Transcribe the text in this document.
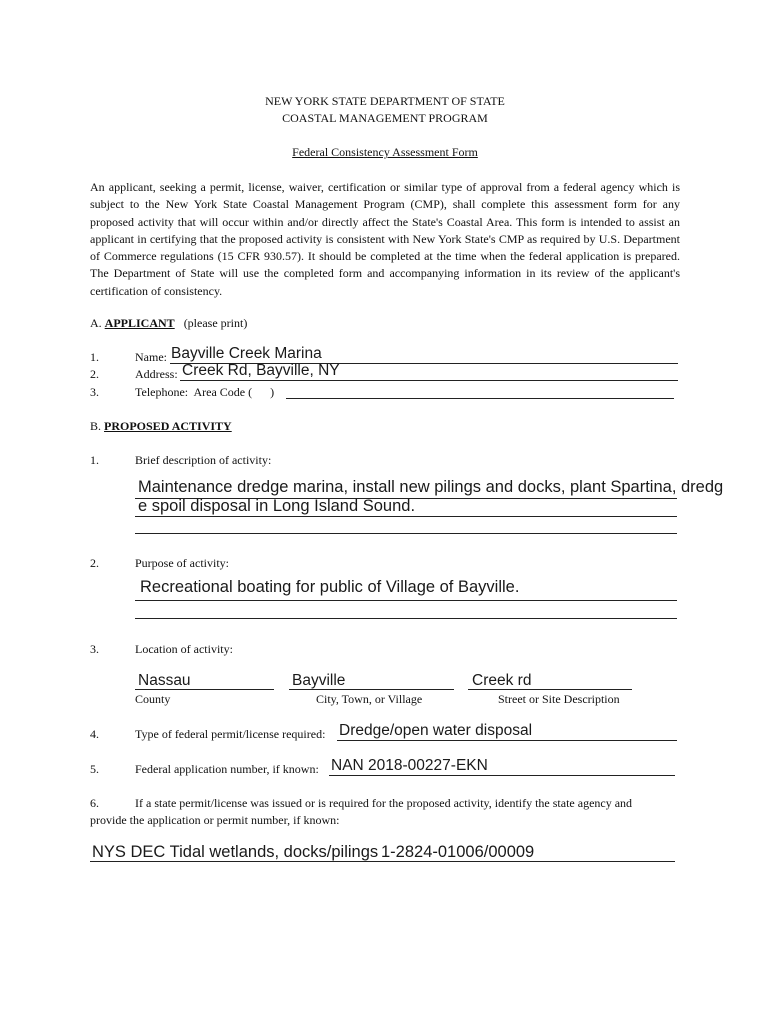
NEW YORK STATE DEPARTMENT OF STATE
COASTAL MANAGEMENT PROGRAM
Federal Consistency Assessment Form
An applicant, seeking a permit, license, waiver, certification or similar type of approval from a federal agency which is subject to the New York State Coastal Management Program (CMP), shall complete this assessment form for any proposed activity that will occur within and/or directly affect the State's Coastal Area. This form is intended to assist an applicant in certifying that the proposed activity is consistent with New York State's CMP as required by U.S. Department of Commerce regulations (15 CFR 930.57). It should be completed at the time when the federal application is prepared. The Department of State will use the completed form and accompanying information in its review of the applicant's certification of consistency.
A. APPLICANT (please print)
1.	Name: Bayville Creek Marina
2.	Address: Creek Rd, Bayville, NY
3.	Telephone:  Area Code (      )
B. PROPOSED ACTIVITY
1.	Brief description of activity:
Maintenance dredge marina, install new pilings and docks, plant Spartina, dredg
e spoil disposal in Long Island Sound.
2.	Purpose of activity:
Recreational boating for public of Village of Bayville.
3.	Location of activity:
Nassau
County
Bayville
City, Town, or Village
Creek rd
Street or Site Description
4.	Type of federal permit/license required: Dredge/open water disposal
5.	Federal application number, if known: NAN 2018-00227-EKN
6.	If a state permit/license was issued or is required for the proposed activity, identify the state agency and
provide the application or permit number, if known:
NYS DEC Tidal wetlands, docks/pilings 1-2824-01006/00009
